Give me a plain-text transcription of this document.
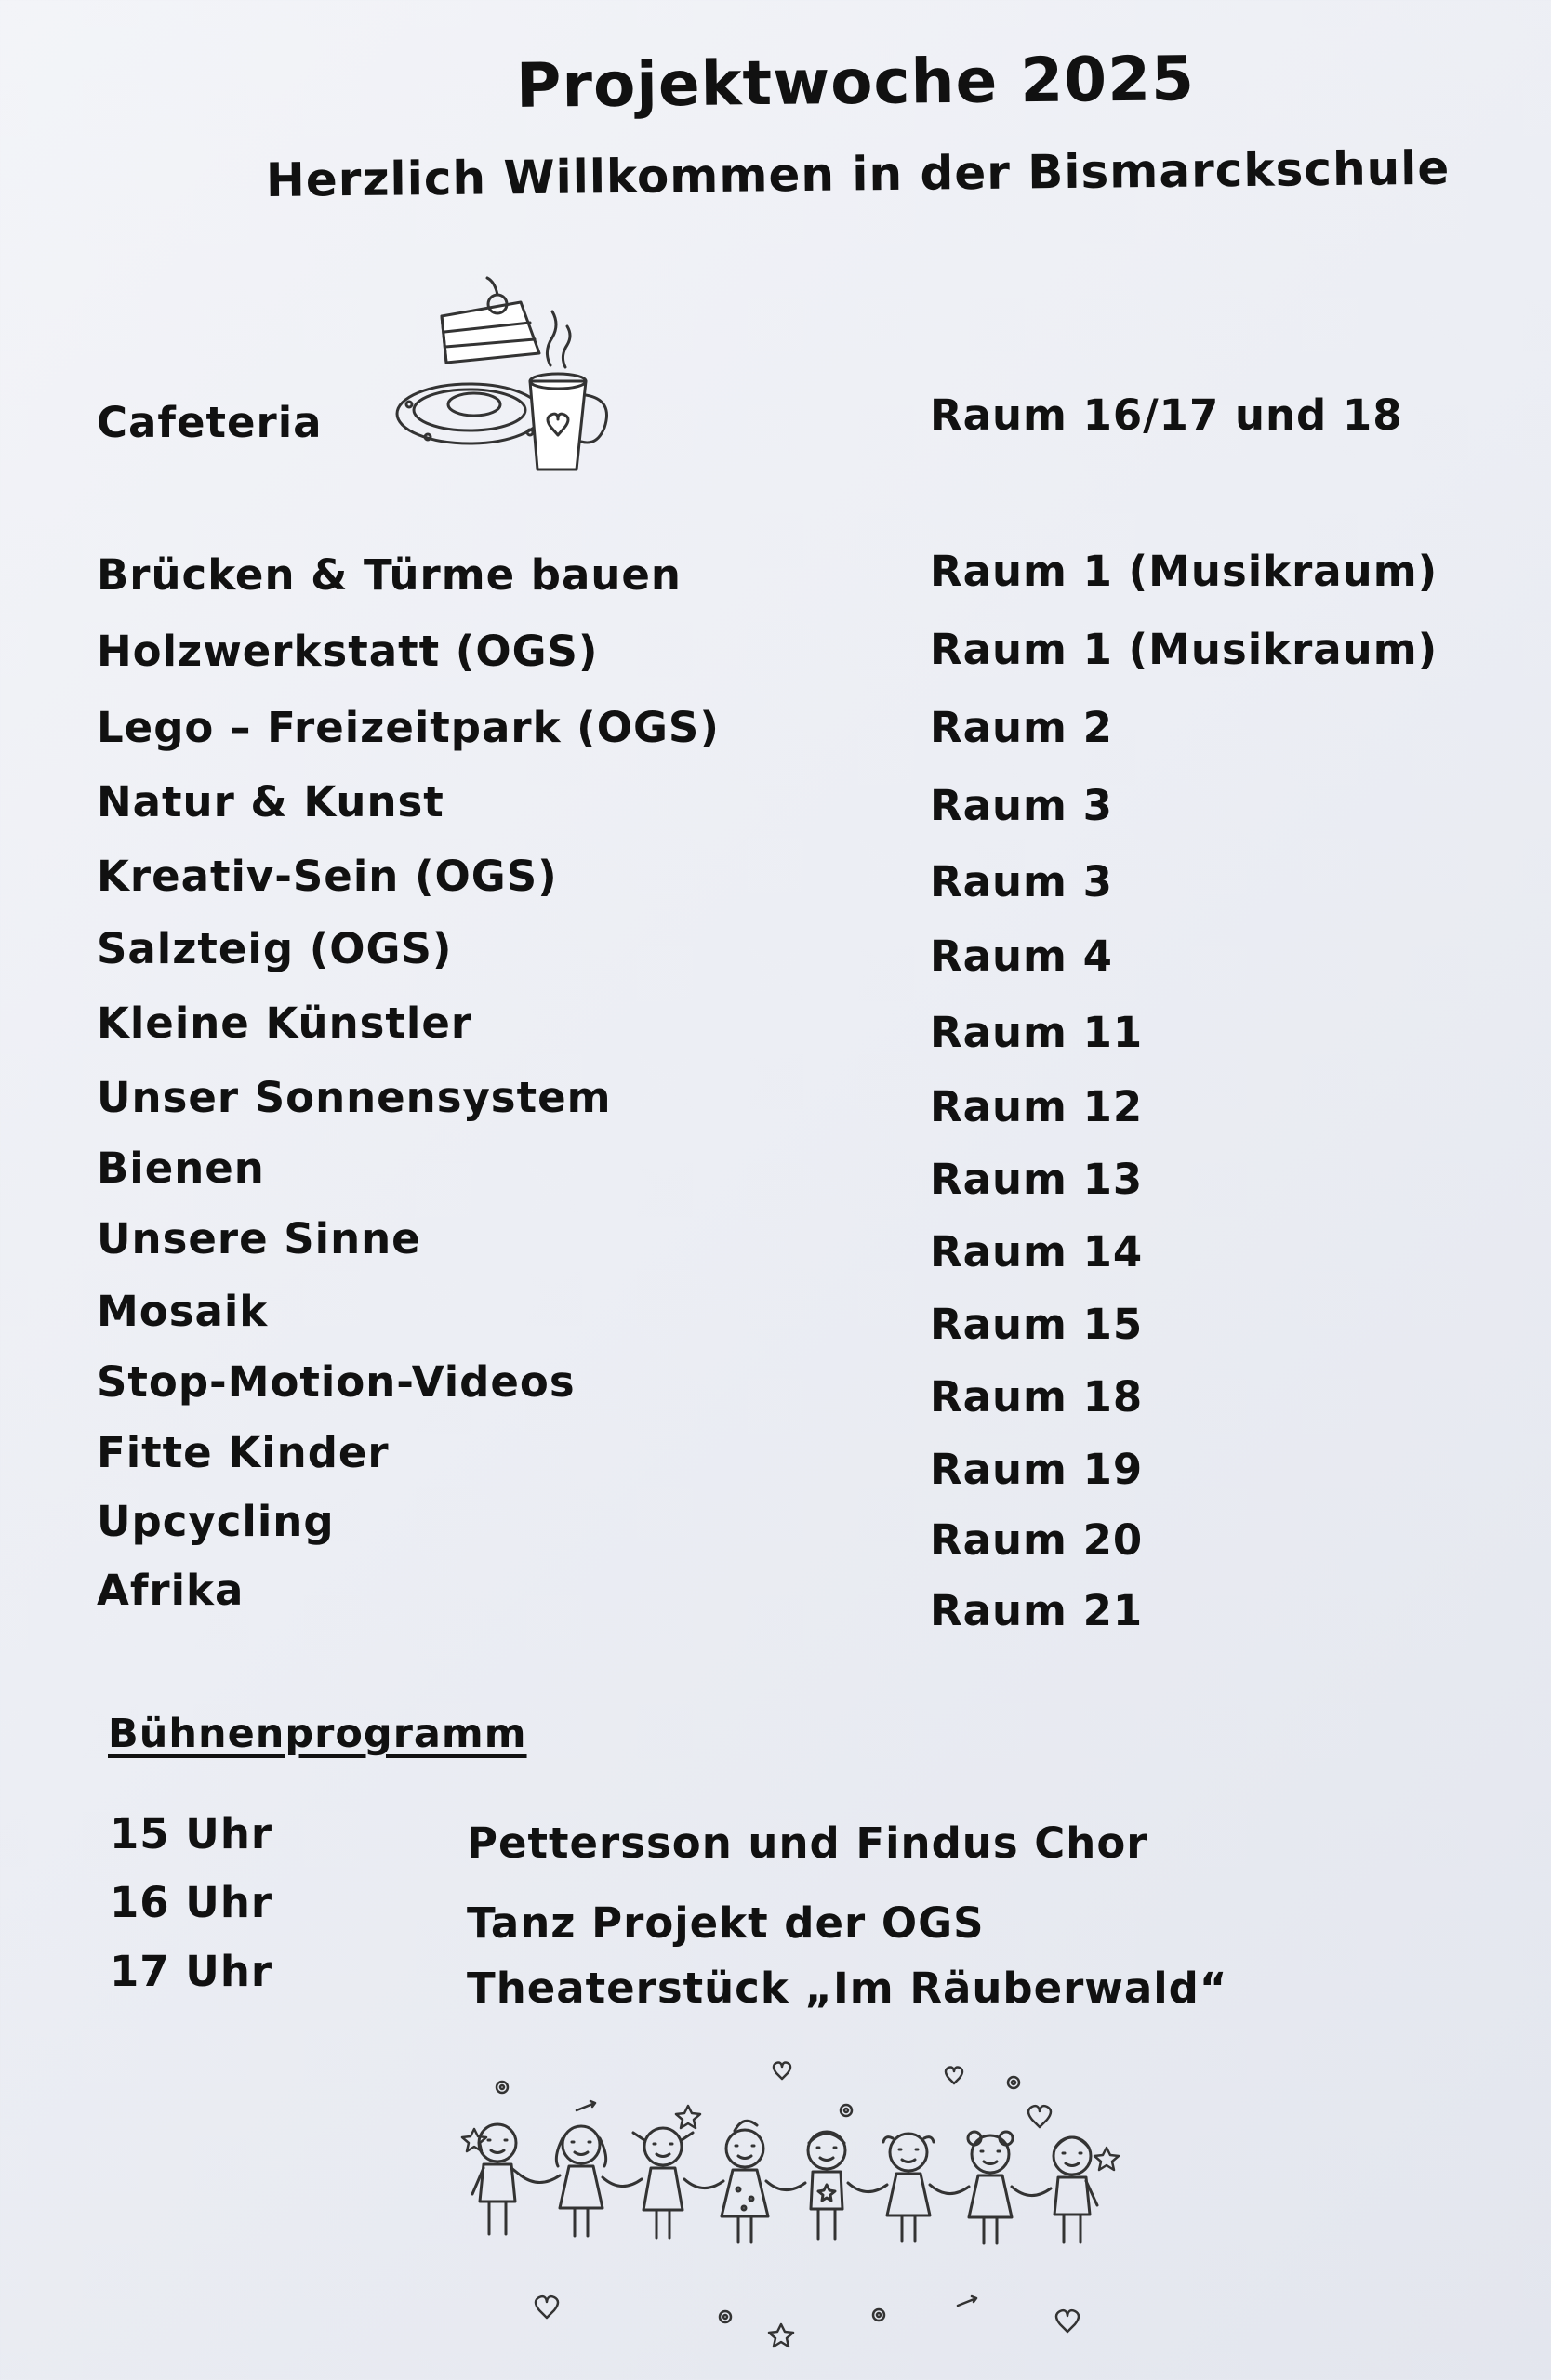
Projektwoche 2025
Herzlich Willkommen in der Bismarckschule
Cafeteria	Raum 16/17 und 18
Brücken & Türme bauen	Raum 1 (Musikraum)
Holzwerkstatt (OGS)	Raum 1 (Musikraum)
Lego – Freizeitpark (OGS)	Raum 2
Natur & Kunst	Raum 3
Kreativ-Sein (OGS)	Raum 3
Salzteig (OGS)	Raum 4
Kleine Künstler	Raum 11
Unser Sonnensystem	Raum 12
Bienen	Raum 13
Unsere Sinne	Raum 14
Mosaik	Raum 15
Stop-Motion-Videos	Raum 18
Fitte Kinder	Raum 19
Upcycling	Raum 20
Afrika	Raum 21
Bühnenprogramm
15 Uhr	Pettersson und Findus Chor
16 Uhr	Tanz Projekt der OGS
17 Uhr	Theaterstück „Im Räuberwald“
